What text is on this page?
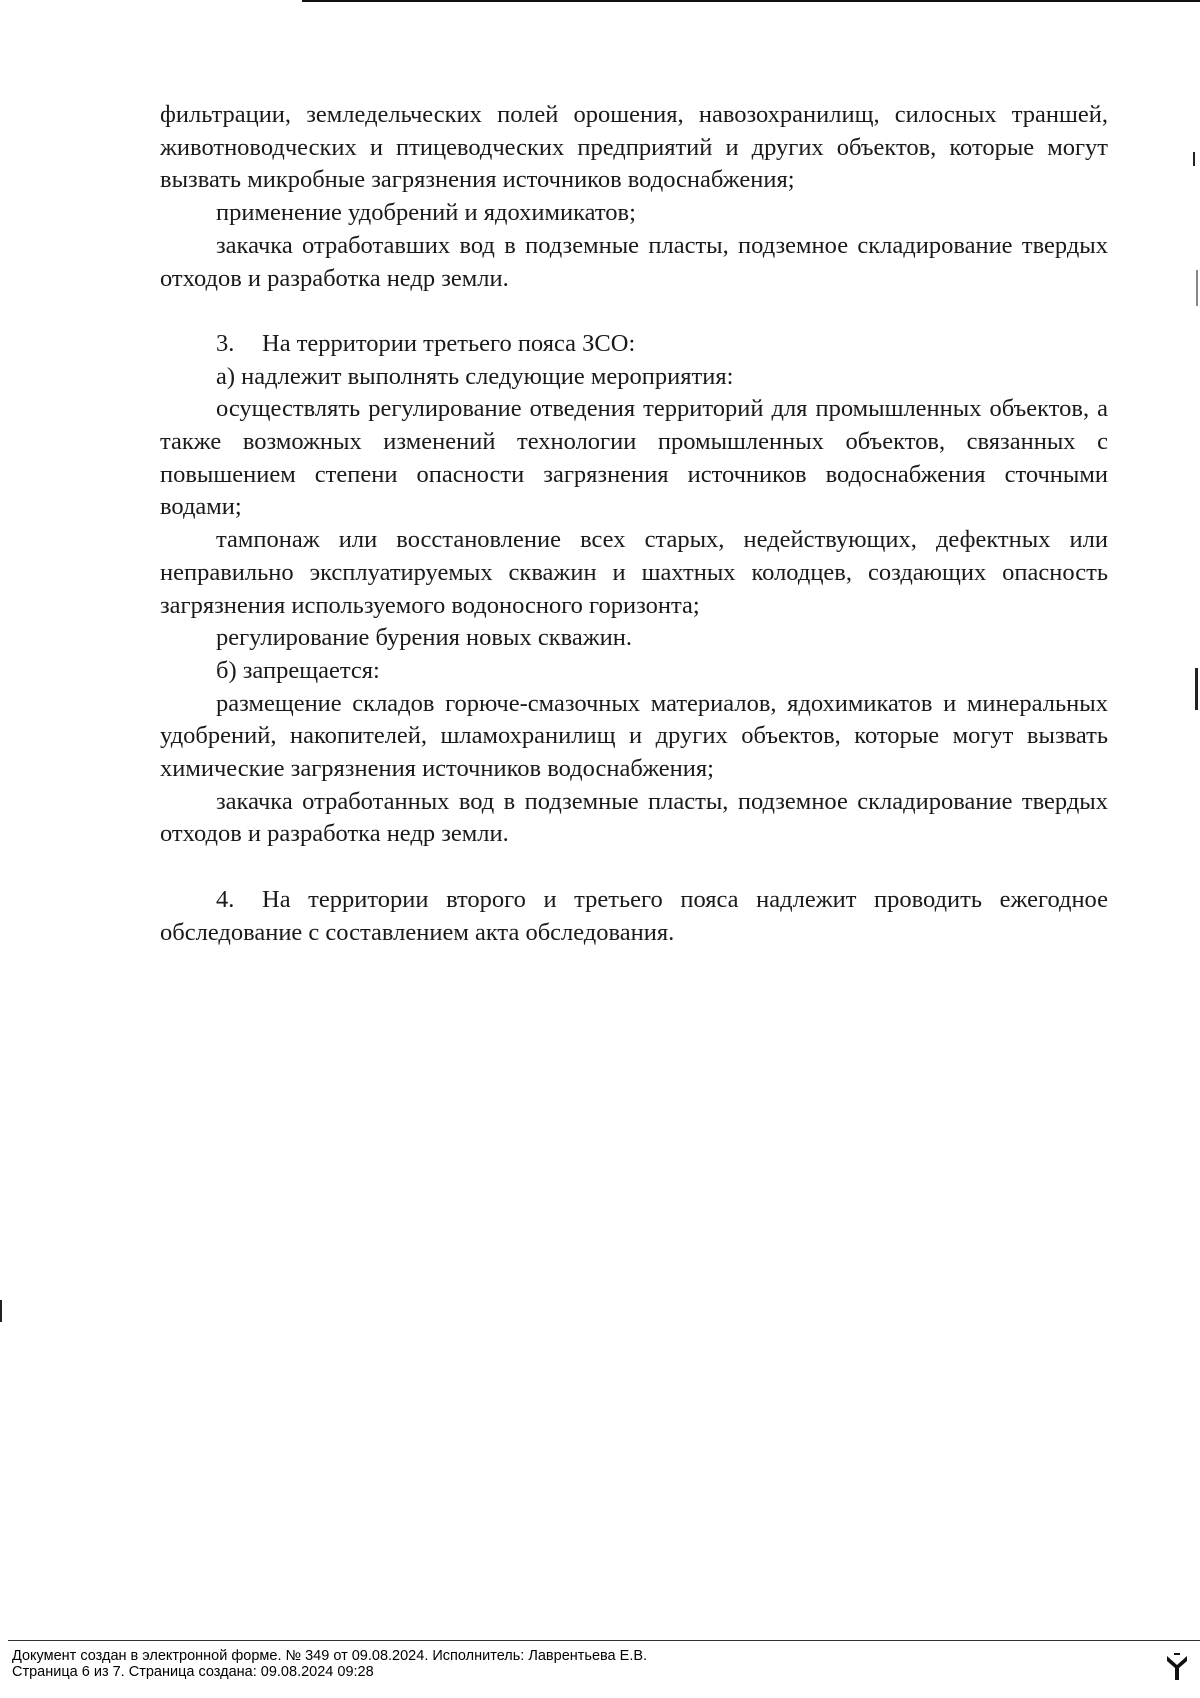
фильтрации, земледельческих полей орошения, навозохранилищ, силосных траншей, животноводческих и птицеводческих предприятий и других объектов, которые могут вызвать микробные загрязнения источников водоснабжения;

применение удобрений и ядохимикатов;

закачка отработавших вод в подземные пласты, подземное складирование твердых отходов и разработка недр земли.

3. На территории третьего пояса ЗСО:

а) надлежит выполнять следующие мероприятия:

осуществлять регулирование отведения территорий для промышленных объектов, а также возможных изменений технологии промышленных объектов, связанных с повышением степени опасности загрязнения источников водоснабжения сточными водами;

тампонаж или восстановление всех старых, недействующих, дефектных или неправильно эксплуатируемых скважин и шахтных колодцев, создающих опасность загрязнения используемого водоносного горизонта;

регулирование бурения новых скважин.

б) запрещается:

размещение складов горюче-смазочных материалов, ядохимикатов и минеральных удобрений, накопителей, шламохранилищ и других объектов, которые могут вызвать химические загрязнения источников водоснабжения;

закачка отработанных вод в подземные пласты, подземное складирование твердых отходов и разработка недр земли.

4. На территории второго и третьего пояса надлежит проводить ежегодное обследование с составлением акта обследования.

Документ создан в электронной форме. № 349 от 09.08.2024. Исполнитель: Лаврентьева Е.В.
Страница 6 из 7. Страница создана: 09.08.2024 09:28
